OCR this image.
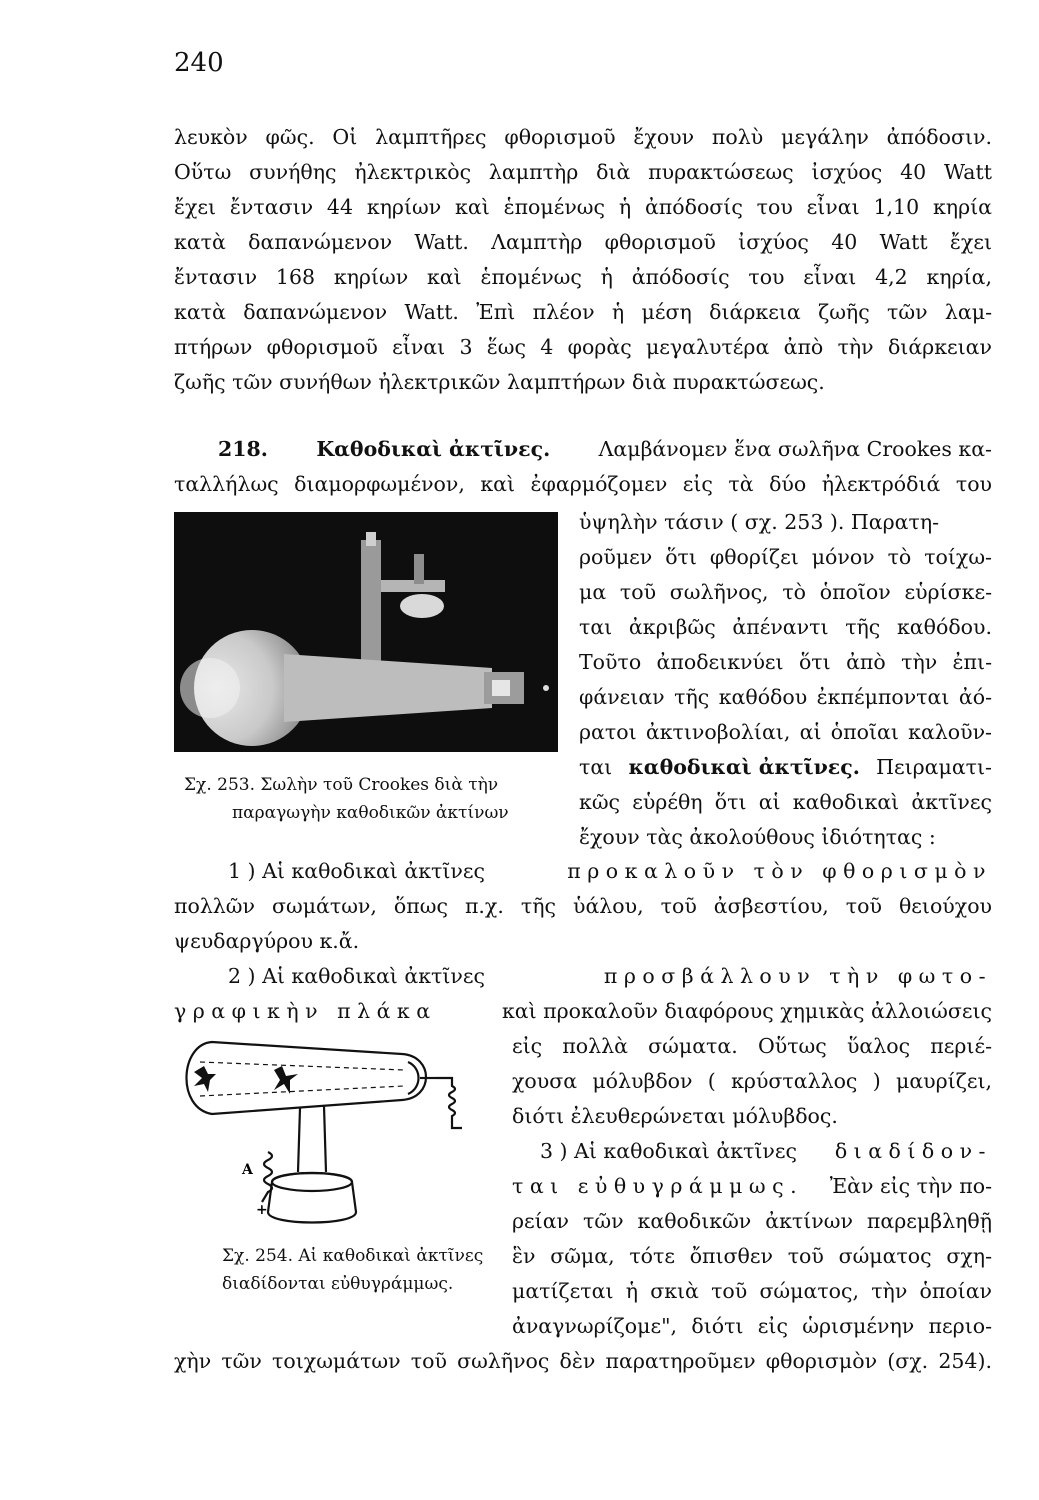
240
λευκὸν φῶς. Οἱ λαμπτῆρες φθορισμοῦ ἔχουν πολὺ μεγάλην ἀπόδοσιν.
Οὕτω συνήθης ἠλεκτρικὸς λαμπτὴρ διὰ πυρακτώσεως ἰσχύος 40 Watt
ἔχει ἔντασιν 44 κηρίων καὶ ἑπομένως ἡ ἀπόδοσίς του εἶναι 1,10 κηρία
κατὰ δαπανώμενον Watt. Λαμπτὴρ φθορισμοῦ ἰσχύος 40 Watt ἔχει
ἔντασιν 168 κηρίων καὶ ἑπομένως ἡ ἀπόδοσίς του εἶναι 4,2 κηρία,
κατὰ δαπανώμενον Watt. Ἐπὶ πλέον ἡ μέση διάρκεια ζωῆς τῶν λαμ-
πτήρων φθορισμοῦ εἶναι 3 ἕως 4 φορὰς μεγαλυτέρα ἀπὸ τὴν διάρκειαν
ζωῆς τῶν συνήθων ἠλεκτρικῶν λαμπτήρων διὰ πυρακτώσεως.
218. Καθοδικαὶ ἀκτῖνες. Λαμβάνομεν ἕνα σωλῆνα Crookes κα-
ταλλήλως διαμορφωμένον, καὶ ἐφαρμόζομεν εἰς τὰ δύο ἠλεκτρόδιά του
ὑψηλὴν τάσιν ( σχ. 253 ). Παρατη-
ροῦμεν ὅτι φθορίζει μόνον τὸ τοίχω-
μα τοῦ σωλῆνος, τὸ ὁποῖον εὑρίσκε-
ται ἀκριβῶς ἀπέναντι τῆς καθόδου.
Τοῦτο ἀποδεικνύει ὅτι ἀπὸ τὴν ἐπι-
φάνειαν τῆς καθόδου ἐκπέμπονται ἀό-
ρατοι ἀκτινοβολίαι, αἱ ὁποῖαι καλοῦν-
ται καθοδικαὶ ἀκτῖνες. Πειραματι-
κῶς εὑρέθη ὅτι αἱ καθοδικαὶ ἀκτῖνες
ἔχουν τὰς ἀκολούθους ἰδιότητας :
Σχ. 253. Σωλὴν τοῦ Crookes διὰ τὴν
παραγωγὴν καθοδικῶν ἀκτίνων
1 ) Αἱ καθοδικαὶ ἀκτῖνες	προκαλοῦν τὸν φθορισμὸν
πολλῶν σωμάτων, ὅπως π.χ. τῆς ὑάλου, τοῦ ἀσβεστίου, τοῦ θειούχου
ψευδαργύρου κ.ἄ.
2 ) Αἱ καθοδικαὶ ἀκτῖνες	προσβάλλουν τὴν φωτο-
γραφικὴν πλάκα	καὶ προκαλοῦν διαφόρους χημικὰς ἀλλοιώσεις
A
+
εἰς πολλὰ σώματα. Οὕτως ὕαλος περιέ-
χουσα μόλυβδον ( κρύσταλλος ) μαυρίζει,
διότι ἐλευθερώνεται μόλυβδος.
3 ) Αἱ καθοδικαὶ ἀκτῖνες διαδίδον-
ται εὐθυγράμμως. Ἐὰν εἰς τὴν πο-
ρείαν τῶν καθοδικῶν ἀκτίνων παρεμβληθῇ
ἓν σῶμα, τότε ὄπισθεν τοῦ σώματος σχη-
ματίζεται ἡ σκιὰ τοῦ σώματος, τὴν ὁποίαν
ἀναγνωρίζομε", διότι εἰς ὡρισμένην περιο-
χὴν τῶν τοιχωμάτων τοῦ σωλῆνος δὲν παρατηροῦμεν φθορισμὸν (σχ. 254).
Σχ. 254. Αἱ καθοδικαὶ ἀκτῖνες
διαδίδονται εὐθυγράμμως.
